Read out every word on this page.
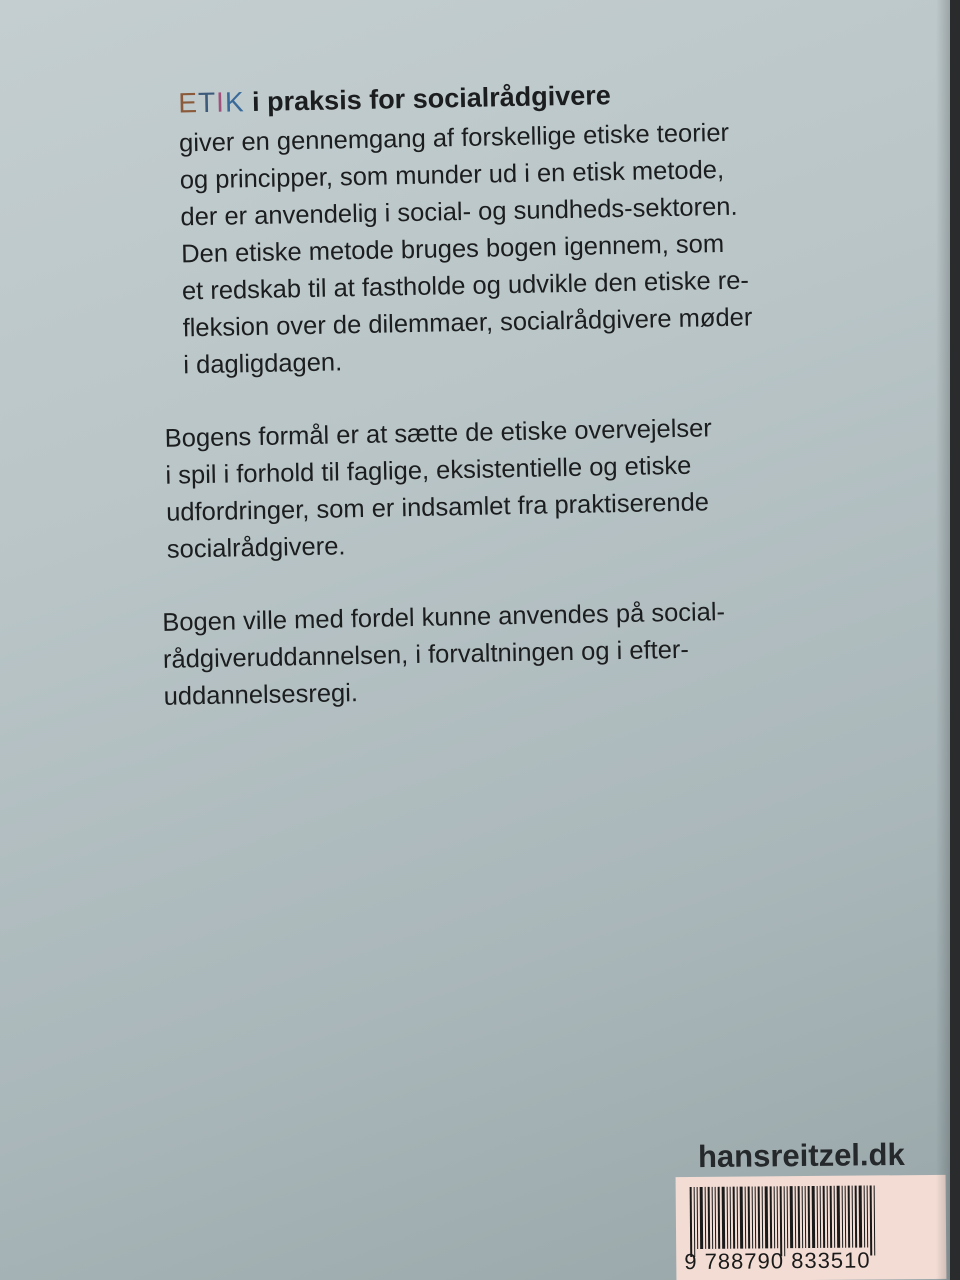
ETIK i praksis for socialrådgivere

giver en gennemgang af forskellige etiske teorier
og principper, som munder ud i en etisk metode,
der er anvendelig i social- og sundheds-sektoren.
Den etiske metode bruges bogen igennem, som
et redskab til at fastholde og udvikle den etiske re-
fleksion over de dilemmaer, socialrådgivere møder
i dagligdagen.

Bogens formål er at sætte de etiske overvejelser
i spil i forhold til faglige, eksistentielle og etiske
udfordringer, som er indsamlet fra praktiserende
socialrådgivere.

Bogen ville med fordel kunne anvendes på social-
rådgiveruddannelsen, i forvaltningen og i efter-
uddannelsesregi.

hansreitzel.dk
9 788790 833510
